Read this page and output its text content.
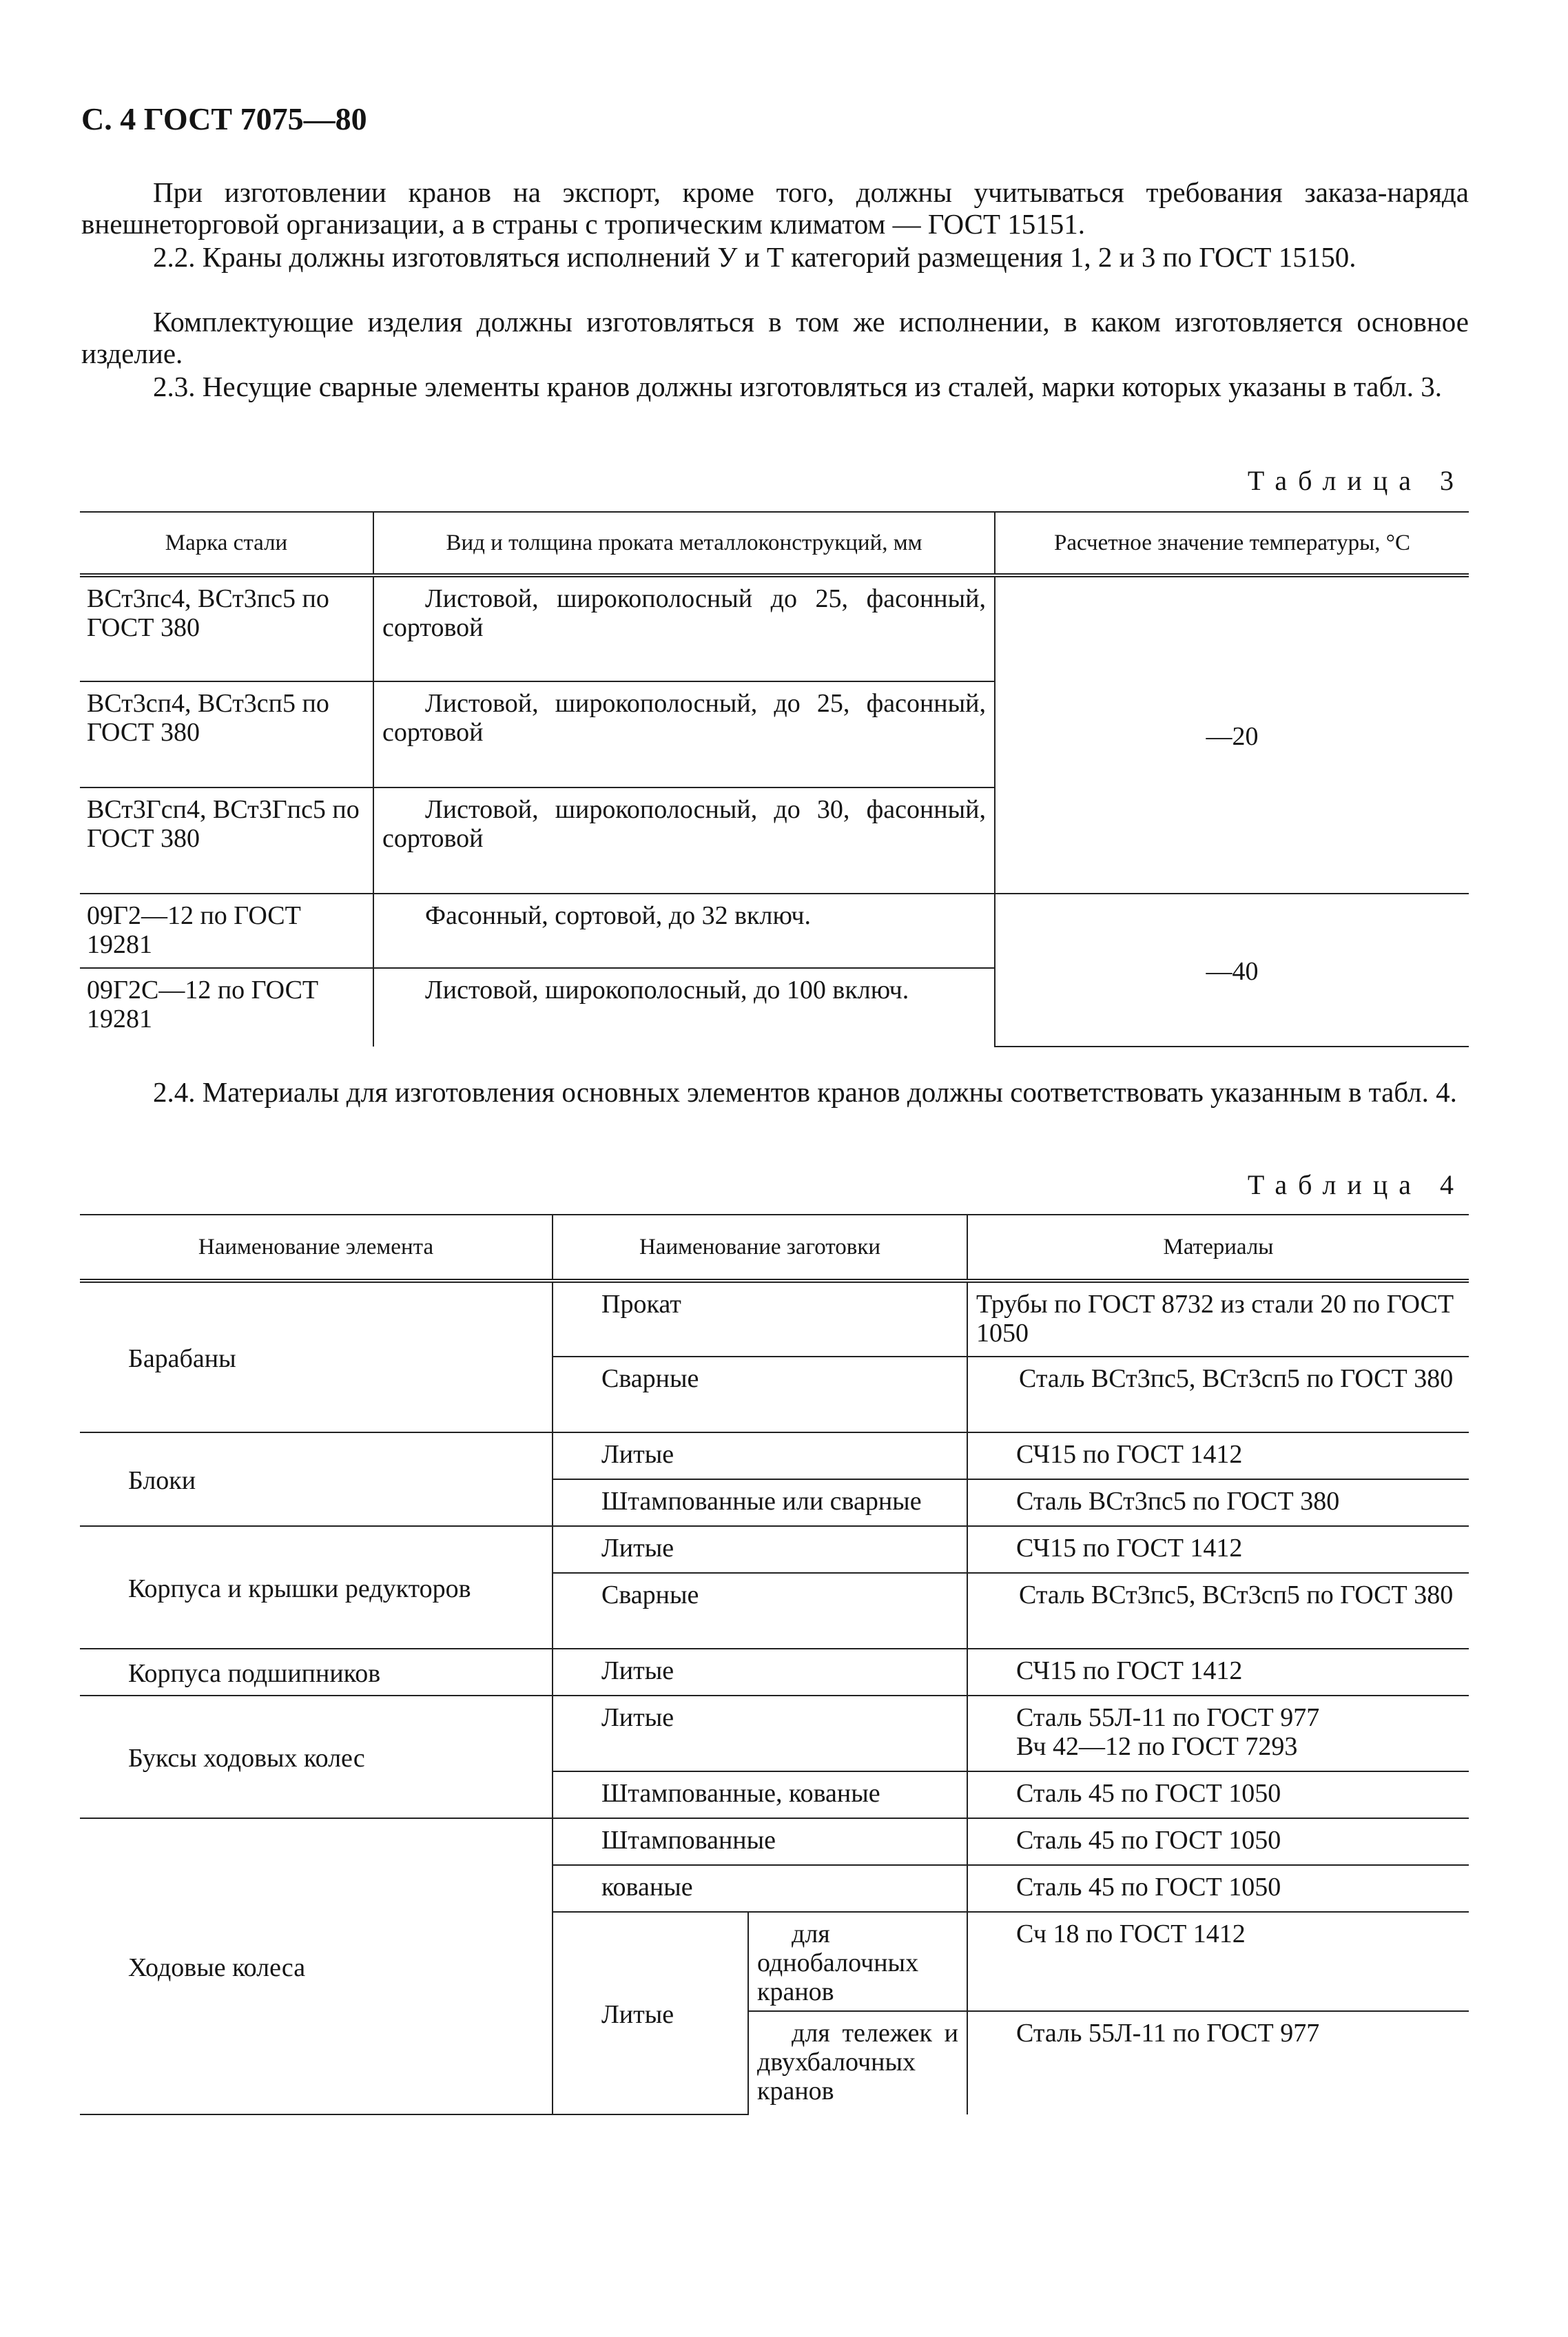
С. 4 ГОСТ 7075—80

При изготовлении кранов на экспорт, кроме того, должны учитываться требования заказа-наряда внешнеторговой организации, а в страны с тропическим климатом — ГОСТ 15151.

2.2. Краны должны изготовляться исполнений У и Т категорий размещения 1, 2 и 3 по ГОСТ 15150.

Комплектующие изделия должны изготовляться в том же исполнении, в каком изготовляется основное изделие.

2.3. Несущие сварные элементы кранов должны изготовляться из сталей, марки которых указаны в табл. 3.

Таблица 3
Марка стали	Вид и толщина проката металлоконструкций, мм	Расчетное значение температуры, °С
ВСт3пс4, ВСт3пс5 по ГОСТ 380	Листовой, широкополосный до 25, фасонный, сортовой	—20
ВСт3сп4, ВСт3сп5 по ГОСТ 380	Листовой, широкополосный, до 25, фасонный, сортовой	
ВСт3Гсп4, ВСт3Гпс5 по ГОСТ 380	Листовой, широкополосный, до 30, фасонный, сортовой	
09Г2—12 по ГОСТ 19281	Фасонный, сортовой, до 32 включ.	—40
09Г2С—12 по ГОСТ 19281	Листовой, широкополосный, до 100 включ.	

2.4. Материалы для изготовления основных элементов кранов должны соответствовать указанным в табл. 4.

Таблица 4
Наименование элемента	Наименование заготовки		Материалы
Барабаны	Прокат		Трубы по ГОСТ 8732 из стали 20 по ГОСТ 1050
	Сварные		Сталь ВСт3пс5, ВСт3сп5 по ГОСТ 380
Блоки	Литые		СЧ15 по ГОСТ 1412
	Штампованные или сварные		Сталь ВСт3пс5 по ГОСТ 380
Корпуса и крышки редукторов	Литые		СЧ15 по ГОСТ 1412
	Сварные		Сталь ВСт3пс5, ВСт3сп5 по ГОСТ 380
Корпуса подшипников	Литые		СЧ15 по ГОСТ 1412
Буксы ходовых колес	Литые		Сталь 55Л-11 по ГОСТ 977
Вч 42—12 по ГОСТ 7293

	Штампованные, кованые		Сталь 45 по ГОСТ 1050
Ходовые колеса	Штампованные		Сталь 45 по ГОСТ 1050
	кованые		Сталь 45 по ГОСТ 1050
	Литые	для однобалочных кранов	Сч 18 по ГОСТ 1412
		для тележек и двухбалочных кранов	Сталь 55Л-11 по ГОСТ 977
